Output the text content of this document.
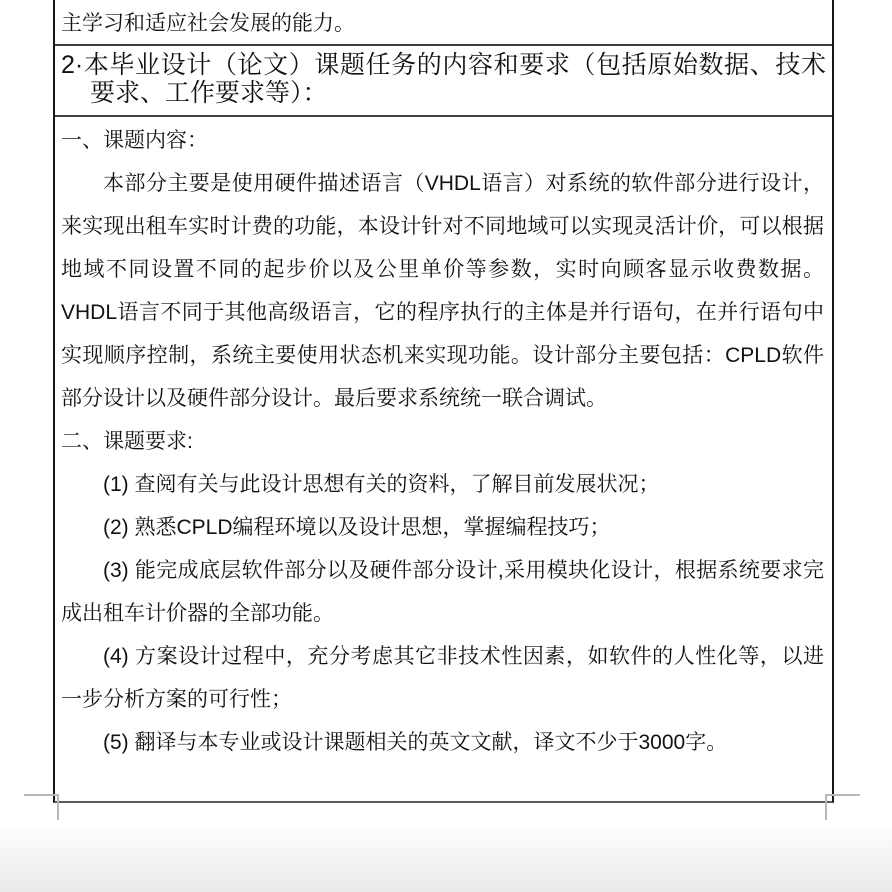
主学习和适应社会发展的能力。

2·本毕业设计（论文）课题任务的内容和要求（包括原始数据、技术要求、工作要求等）：

一、课题内容：

本部分主要是使用硬件描述语言（VHDL语言）对系统的软件部分进行设计，来实现出租车实时计费的功能，本设计针对不同地域可以实现灵活计价，可以根据地域不同设置不同的起步价以及公里单价等参数，实时向顾客显示收费数据。VHDL语言不同于其他高级语言，它的程序执行的主体是并行语句，在并行语句中实现顺序控制，系统主要使用状态机来实现功能。设计部分主要包括：CPLD软件部分设计以及硬件部分设计。最后要求系统统一联合调试。

二、课题要求:

(1) 查阅有关与此设计思想有关的资料，了解目前发展状况；

(2) 熟悉CPLD编程环境以及设计思想，掌握编程技巧；

(3) 能完成底层软件部分以及硬件部分设计,采用模块化设计，根据系统要求完成出租车计价器的全部功能。

(4) 方案设计过程中，充分考虑其它非技术性因素，如软件的人性化等，以进一步分析方案的可行性；

(5) 翻译与本专业或设计课题相关的英文文献，译文不少于3000字。
